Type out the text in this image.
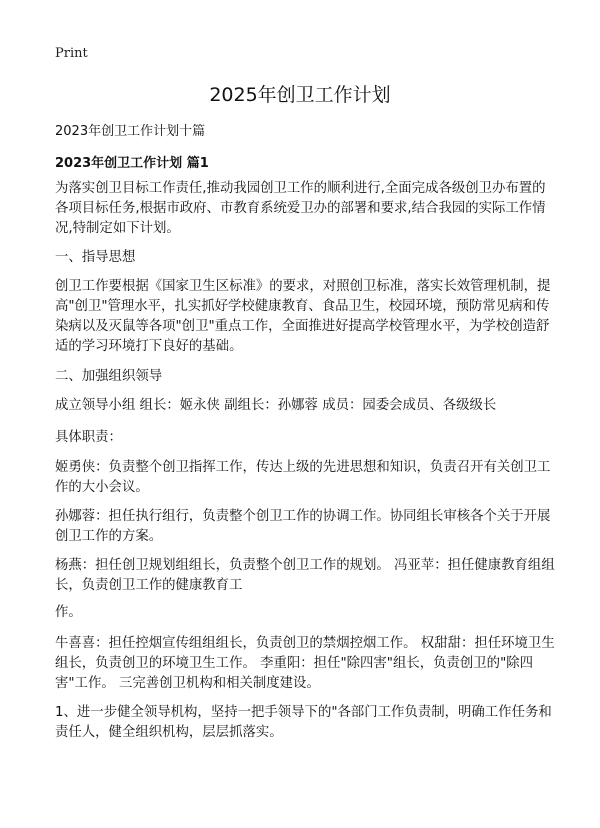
Print
2025年创卫工作计划
2023年创卫工作计划十篇
2023年创卫工作计划 篇1

为落实创卫目标工作责任,推动我园创卫工作的顺利进行,全面完成各级创卫办布置的各项目标任务,根据市政府、市教育系统爱卫办的部署和要求,结合我园的实际工作情况,特制定如下计划。

一、指导思想

创卫工作要根据《国家卫生区标准》的要求，对照创卫标准，落实长效管理机制，提高"创卫"管理水平，扎实抓好学校健康教育、食品卫生，校园环境，预防常见病和传染病以及灭鼠等各项"创卫"重点工作，全面推进好提高学校管理水平，为学校创造舒适的学习环境打下良好的基础。

二、加强组织领导

成立领导小组 组长：姬永侠 副组长：孙娜蓉 成员：园委会成员、各级级长

具体职责：

姬勇侠：负责整个创卫指挥工作，传达上级的先进思想和知识，负责召开有关创卫工作的大小会议。

孙娜蓉：担任执行组行，负责整个创卫工作的协调工作。协同组长审核各个关于开展创卫工作的方案。

杨燕：担任创卫规划组组长，负责整个创卫工作的规划。 冯亚苹：担任健康教育组组长，负责创卫工作的健康教育工

作。

牛喜喜：担任控烟宣传组组组长，负责创卫的禁烟控烟工作。 权甜甜：担任环境卫生组长，负责创卫的环境卫生工作。 李重阳：担任"除四害"组长，负责创卫的"除四害"工作。 三完善创卫机构和相关制度建设。

1、进一步健全领导机构，坚持一把手领导下的"各部门工作负责制，明确工作任务和责任人，健全组织机构，层层抓落实。
